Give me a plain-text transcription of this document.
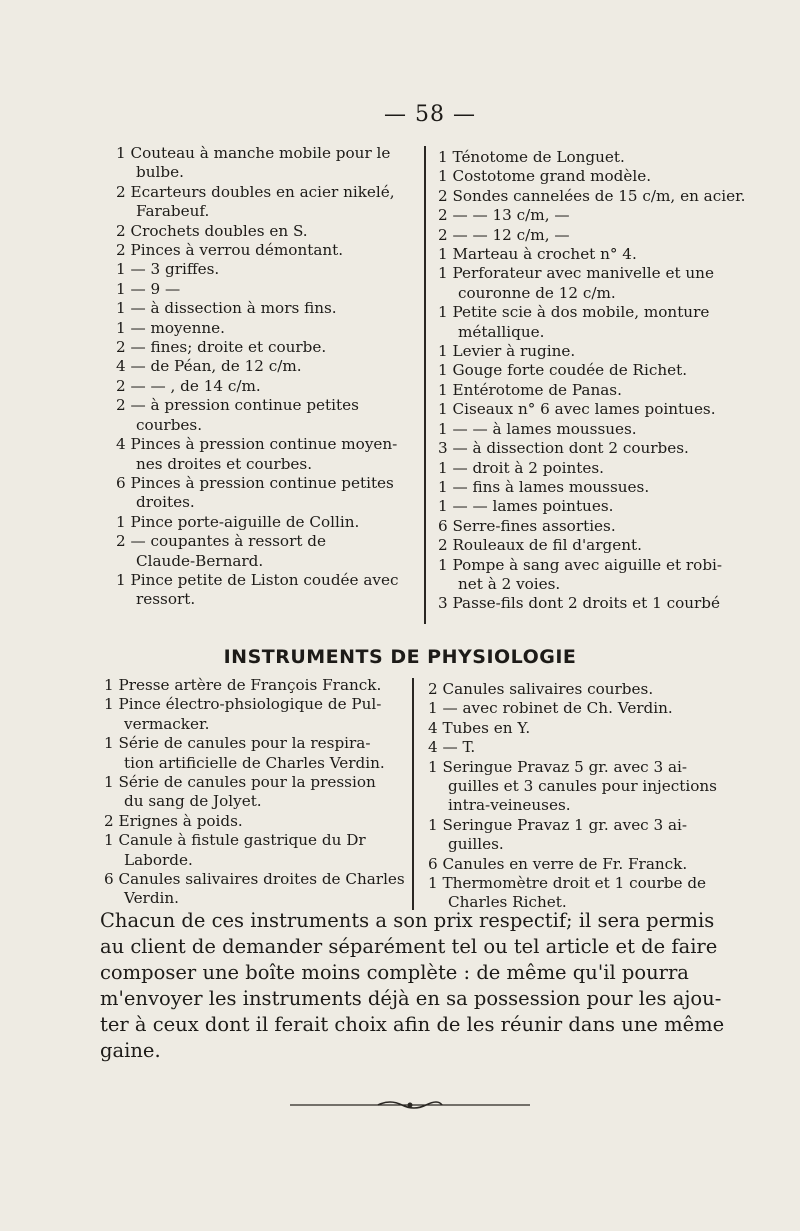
— 58 —
1 Couteau à manche mobile pour le
bulbe.
2 Ecarteurs doubles en acier nikelé,
Farabeuf.
2 Crochets doubles en S.
2 Pinces à verrou démontant.
1 — 3 griffes.
1 — 9 —
1 — à dissection à mors fins.
1 — moyenne.
2 — fines; droite et courbe.
4 — de Péan, de 12 c/m.
2 — — , de 14 c/m.
2 — à pression continue petites
courbes.
4 Pinces à pression continue moyen-
nes droites et courbes.
6 Pinces à pression continue petites
droites.
1 Pince porte-aiguille de Collin.
2 — coupantes à ressort de
Claude-Bernard.
1 Pince petite de Liston coudée avec
ressort.
1 Ténotome de Longuet.
1 Costotome grand modèle.
2 Sondes cannelées de 15 c/m, en acier.
2 — — 13 c/m, —
2 — — 12 c/m, —
1 Marteau à crochet n° 4.
1 Perforateur avec manivelle et une
couronne de 12 c/m.
1 Petite scie à dos mobile, monture
métallique.
1 Levier à rugine.
1 Gouge forte coudée de Richet.
1 Entérotome de Panas.
1 Ciseaux n° 6 avec lames pointues.
1 — — à lames moussues.
3 — à dissection dont 2 courbes.
1 — droit à 2 pointes.
1 — fins à lames moussues.
1 — — lames pointues.
6 Serre-fines assorties.
2 Rouleaux de fil d'argent.
1 Pompe à sang avec aiguille et robi-
net à 2 voies.
3 Passe-fils dont 2 droits et 1 courbé
INSTRUMENTS DE PHYSIOLOGIE
1 Presse artère de François Franck.
1 Pince électro-phsiologique de Pul-
vermacker.
1 Série de canules pour la respira-
tion artificielle de Charles Verdin.
1 Série de canules pour la pression
du sang de Jolyet.
2 Erignes à poids.
1 Canule à fistule gastrique du Dr
Laborde.
6 Canules salivaires droites de Charles
Verdin.
2 Canules salivaires courbes.
1 — avec robinet de Ch. Verdin.
4 Tubes en Y.
4 — T.
1 Seringue Pravaz 5 gr. avec 3 ai-
guilles et 3 canules pour injections
intra-veineuses.
1 Seringue Pravaz 1 gr. avec 3 ai-
guilles.
6 Canules en verre de Fr. Franck.
1 Thermomètre droit et 1 courbe de
Charles Richet.
Chacun de ces instruments a son prix respectif; il sera permis
au client de demander séparément tel ou tel article et de faire
composer une boîte moins complète : de même qu'il pourra
m'envoyer les instruments déjà en sa possession pour les ajou-
ter à ceux dont il ferait choix afin de les réunir dans une même
gaine.
